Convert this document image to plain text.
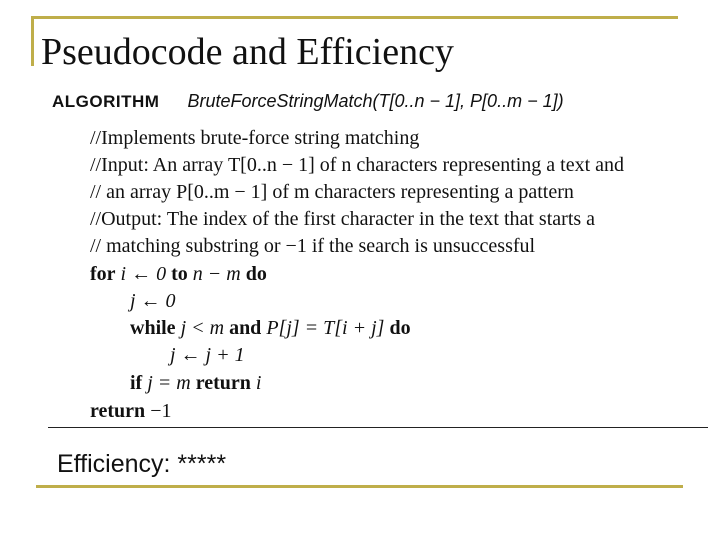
Pseudocode and Efficiency
ALGORITHM BruteForceStringMatch(T[0..n − 1], P[0..m − 1])
//Implements brute-force string matching
//Input: An array T[0..n − 1] of n characters representing a text and
// an array P[0..m − 1] of m characters representing a pattern
//Output: The index of the first character in the text that starts a
// matching substring or −1 if the search is unsuccessful
for i ← 0 to n − m do
j ← 0
while j < m and P[j] = T[i + j] do
j ← j + 1
if j = m return i
return −1
Efficiency: *****
